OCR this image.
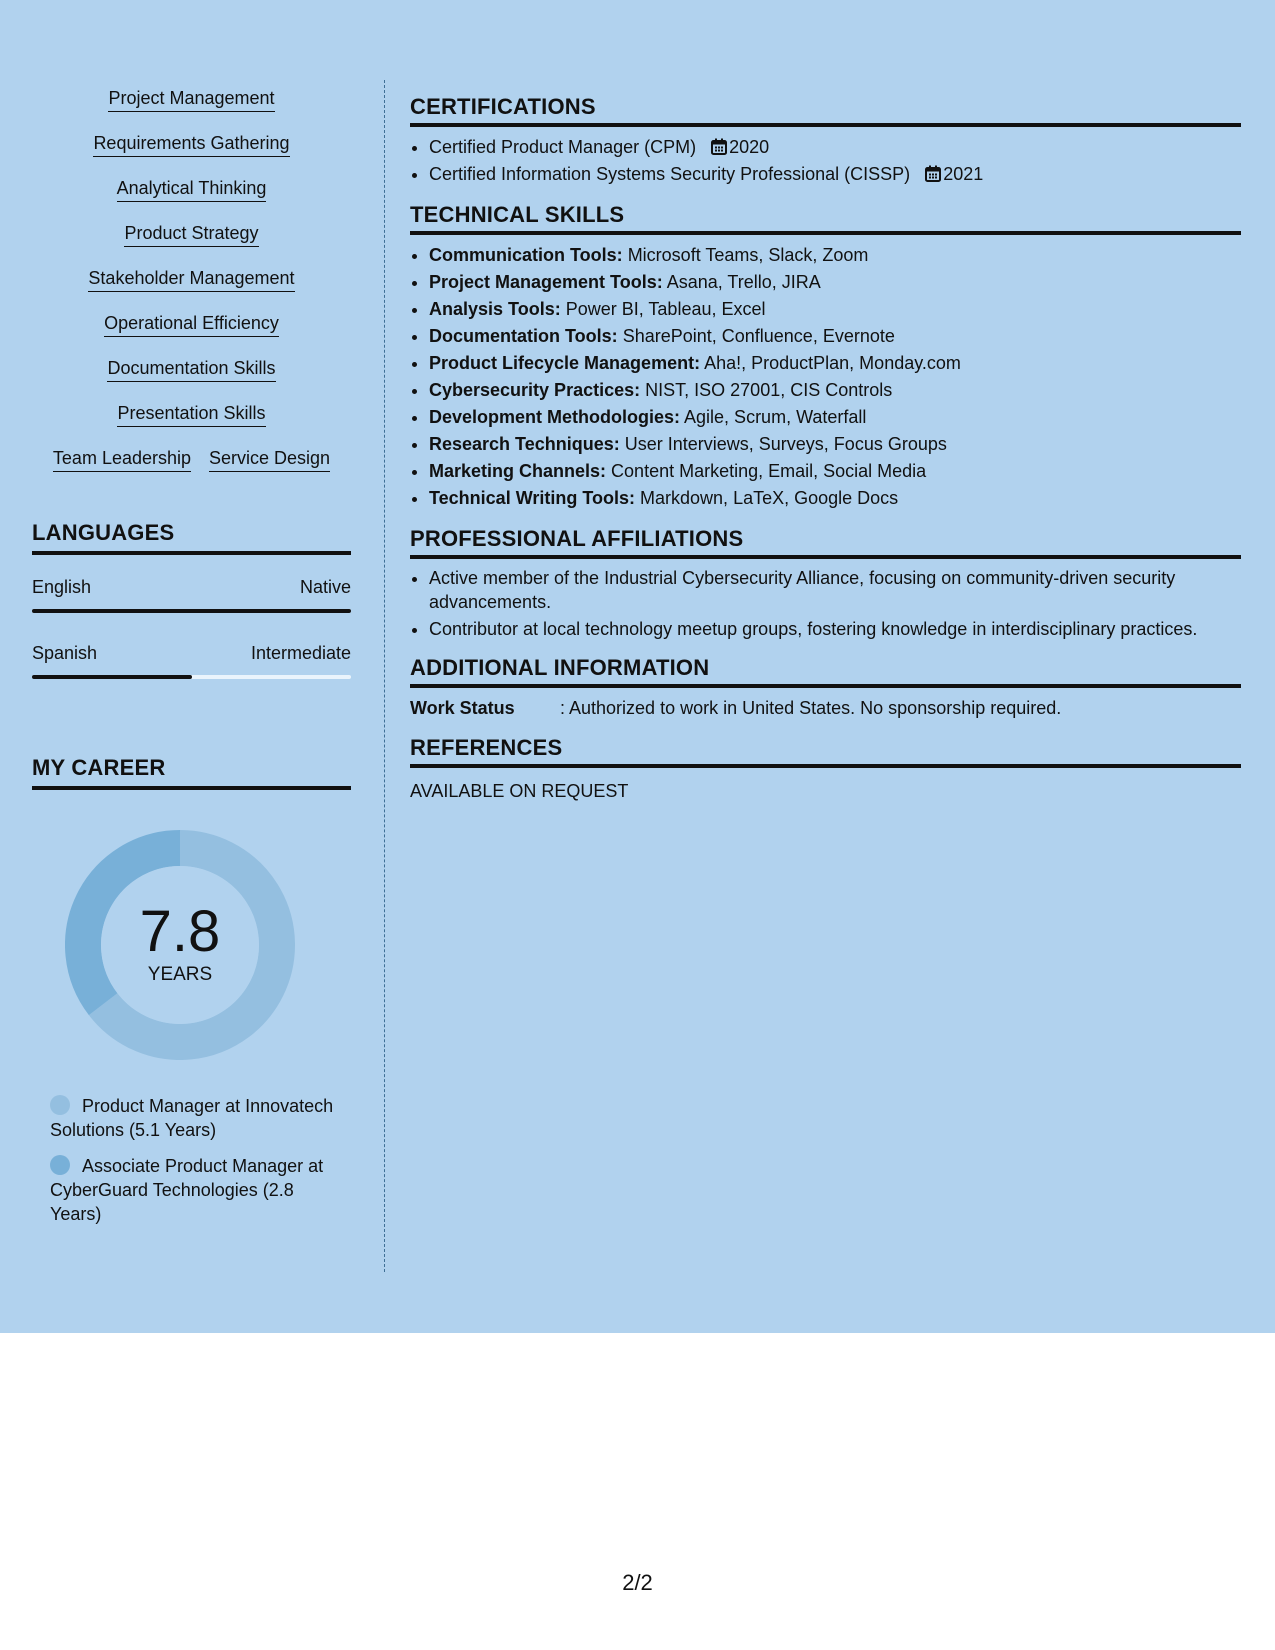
Project Management
Requirements Gathering
Analytical Thinking
Product Strategy
Stakeholder Management
Operational Efficiency
Documentation Skills
Presentation Skills
Team Leadership Service Design
LANGUAGES
English	Native
Spanish	Intermediate
MY CAREER
7.8
YEARS
Product Manager at Innovatech Solutions (5.1 Years)
Associate Product Manager at CyberGuard Technologies (2.8 Years)
CERTIFICATIONS
• Certified Product Manager (CPM) 2020
• Certified Information Systems Security Professional (CISSP) 2021
TECHNICAL SKILLS
• Communication Tools: Microsoft Teams, Slack, Zoom
• Project Management Tools: Asana, Trello, JIRA
• Analysis Tools: Power BI, Tableau, Excel
• Documentation Tools: SharePoint, Confluence, Evernote
• Product Lifecycle Management: Aha!, ProductPlan, Monday.com
• Cybersecurity Practices: NIST, ISO 27001, CIS Controls
• Development Methodologies: Agile, Scrum, Waterfall
• Research Techniques: User Interviews, Surveys, Focus Groups
• Marketing Channels: Content Marketing, Email, Social Media
• Technical Writing Tools: Markdown, LaTeX, Google Docs
PROFESSIONAL AFFILIATIONS
• Active member of the Industrial Cybersecurity Alliance, focusing on community-driven security advancements.
• Contributor at local technology meetup groups, fostering knowledge in interdisciplinary practices.
ADDITIONAL INFORMATION
Work Status	: Authorized to work in United States. No sponsorship required.
REFERENCES
AVAILABLE ON REQUEST
2/2
